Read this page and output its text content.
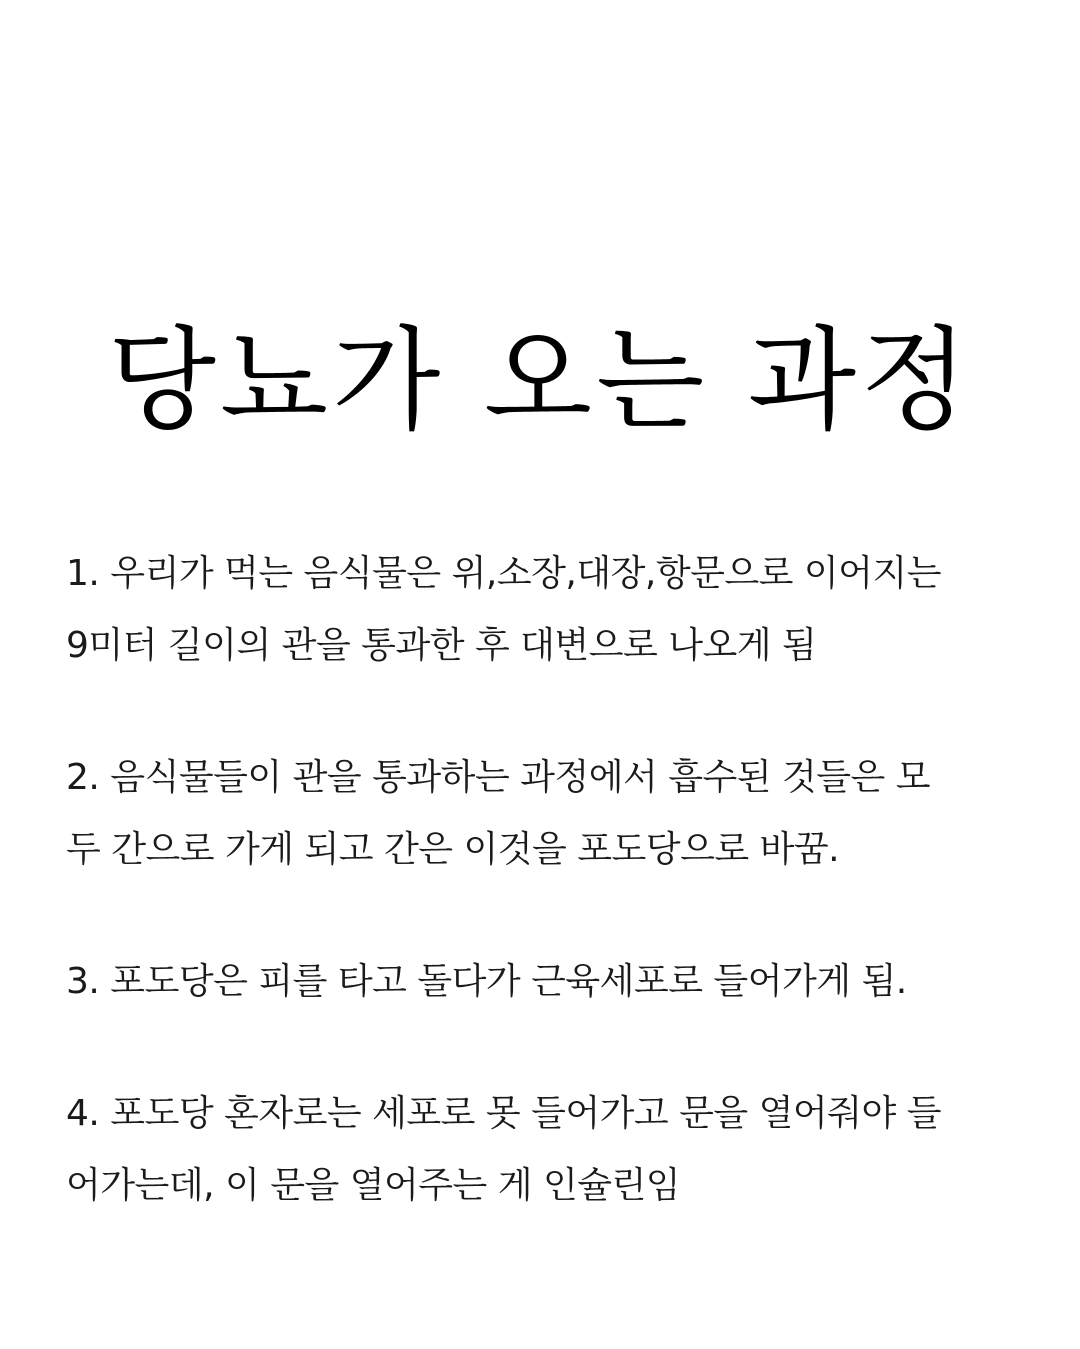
당뇨가 오는 과정
1. 우리가 먹는 음식물은 위,소장,대장,항문으로 이어지는
9미터 길이의 관을 통과한 후 대변으로 나오게 됨
2. 음식물들이 관을 통과하는 과정에서 흡수된 것들은 모
두 간으로 가게 되고 간은 이것을 포도당으로 바꿈.
3. 포도당은 피를 타고 돌다가 근육세포로 들어가게 됨.
4. 포도당 혼자로는 세포로 못 들어가고 문을 열어줘야 들
어가는데, 이 문을 열어주는 게 인슐린임
